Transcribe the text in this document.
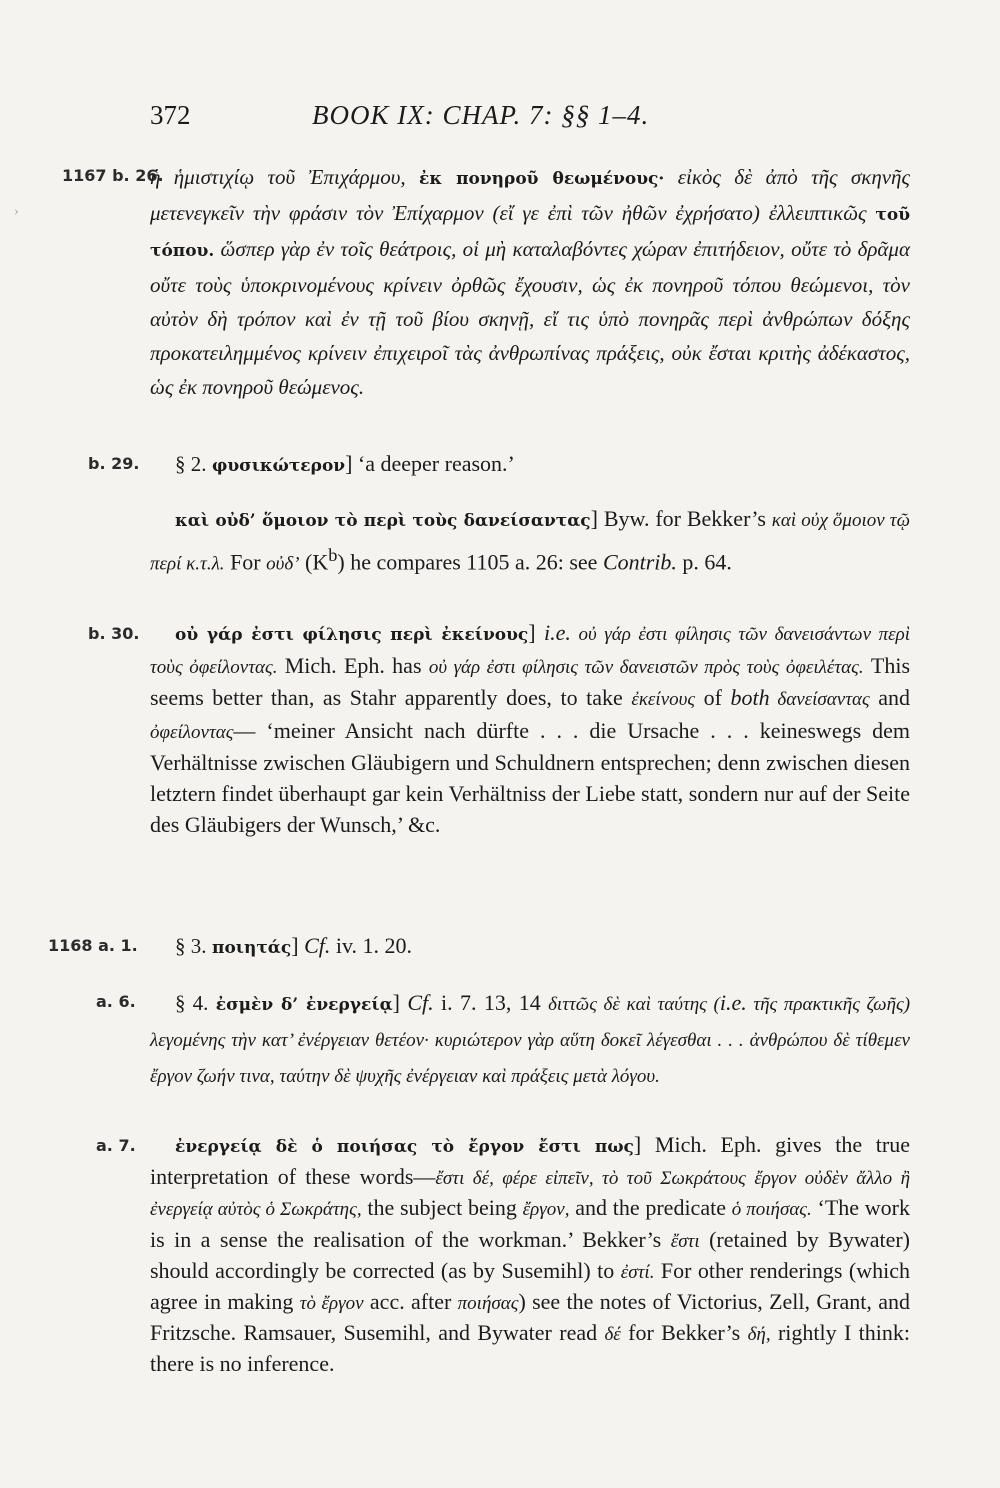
›
372	BOOK IX: CHAP. 7: §§ 1–4.
1167 b. 26.
ἡ ἡμιστιχίῳ τοῦ Ἐπιχάρμου, ἐκ πονηροῦ θεωμένους· εἰκὸς δὲ ἀπὸ τῆς σκηνῆς μετενεγκεῖν τὴν φράσιν τὸν Ἐπίχαρμον (εἴ γε ἐπὶ τῶν ἠθῶν ἐχρήσατο) ἐλλειπτικῶς τοῦ τόπου. ὥσπερ γὰρ ἐν τοῖς θεάτροις, οἱ μὴ καταλαβόντες χώραν ἐπιτήδειον, οὔτε τὸ δρᾶμα οὔτε τοὺς ὑποκρινομένους κρίνειν ὀρθῶς ἔχουσιν, ὡς ἐκ πονηροῦ τόπου θεώμενοι, τὸν αὐτὸν δὴ τρόπον καὶ ἐν τῇ τοῦ βίου σκηνῇ, εἴ τις ὑπὸ πονηρᾶς περὶ ἀνθρώπων δόξης προκατειλημμένος κρίνειν ἐπιχειροῖ τὰς ἀνθρωπίνας πράξεις, οὐκ ἔσται κριτὴς ἀδέκαστος, ὡς ἐκ πονηροῦ θεώμενος.
b. 29. § 2. φυσικώτερον] ‘a deeper reason.’
καὶ οὐδ’ ὅμοιον τὸ περὶ τοὺς δανείσαντας] Byw. for Bekker’s καὶ οὐχ ὅμοιον τῷ περί κ.τ.λ. For οὐδ’ $(K^b)$ he compares 1105 a. 26: see Contrib. p. 64.
b. 30.	οὐ γάρ ἐστι φίλησις περὶ ἐκείνους] i.e. οὐ γάρ ἐστι φίλησις τῶν δανεισάντων περὶ τοὺς ὀφείλοντας. Mich. Eph. has οὐ γάρ ἐστι φίλησις τῶν δανειστῶν πρὸς τοὺς ὀφειλέτας. This seems better than, as Stahr apparently does, to take ἐκείνους of both δανείσαντας and ὀφείλοντας— ‘meiner Ansicht nach dürfte . . . die Ursache . . . keineswegs dem Verhältnisse zwischen Gläubigern und Schuldnern entsprechen; denn zwischen diesen letztern findet überhaupt gar kein Verhältniss der Liebe statt, sondern nur auf der Seite des Gläubigers der Wunsch,’ &c.
1168 a. 1. § 3. ποιητάς] Cf. iv. 1. 20.
a. 6.	§ 4. ἐσμὲν δ’ ἐνεργείᾳ] Cf. i. 7. 13, 14 διττῶς δὲ καὶ ταύτης (i.e. τῆς πρακτικῆς ζωῆς) λεγομένης τὴν κατ’ ἐνέργειαν θετέον· κυριώτερον γὰρ αὕτη δοκεῖ λέγεσθαι . . . ἀνθρώπου δὲ τίθεμεν ἔργον ζωήν τινα, ταύτην δὲ ψυχῆς ἐνέργειαν καὶ πράξεις μετὰ λόγου.
a. 7.	ἐνεργείᾳ δὲ ὁ ποιήσας τὸ ἔργον ἔστι πως] Mich. Eph. gives the true interpretation of these words—ἔστι δέ, φέρε εἰπεῖν, τὸ τοῦ Σωκράτους ἔργον οὐδὲν ἄλλο ἢ ἐνεργείᾳ αὐτὸς ὁ Σωκράτης, the subject being ἔργον, and the predicate ὁ ποιήσας. ‘The work is in a sense the realisation of the workman.’ Bekker’s ἔστι (retained by Bywater) should accordingly be corrected (as by Susemihl) to ἐστί. For other renderings (which agree in making τὸ ἔργον acc. after ποιήσας) see the notes of Victorius, Zell, Grant, and Fritzsche. Ramsauer, Susemihl, and Bywater read δέ for Bekker’s δή, rightly I think: there is no inference.
